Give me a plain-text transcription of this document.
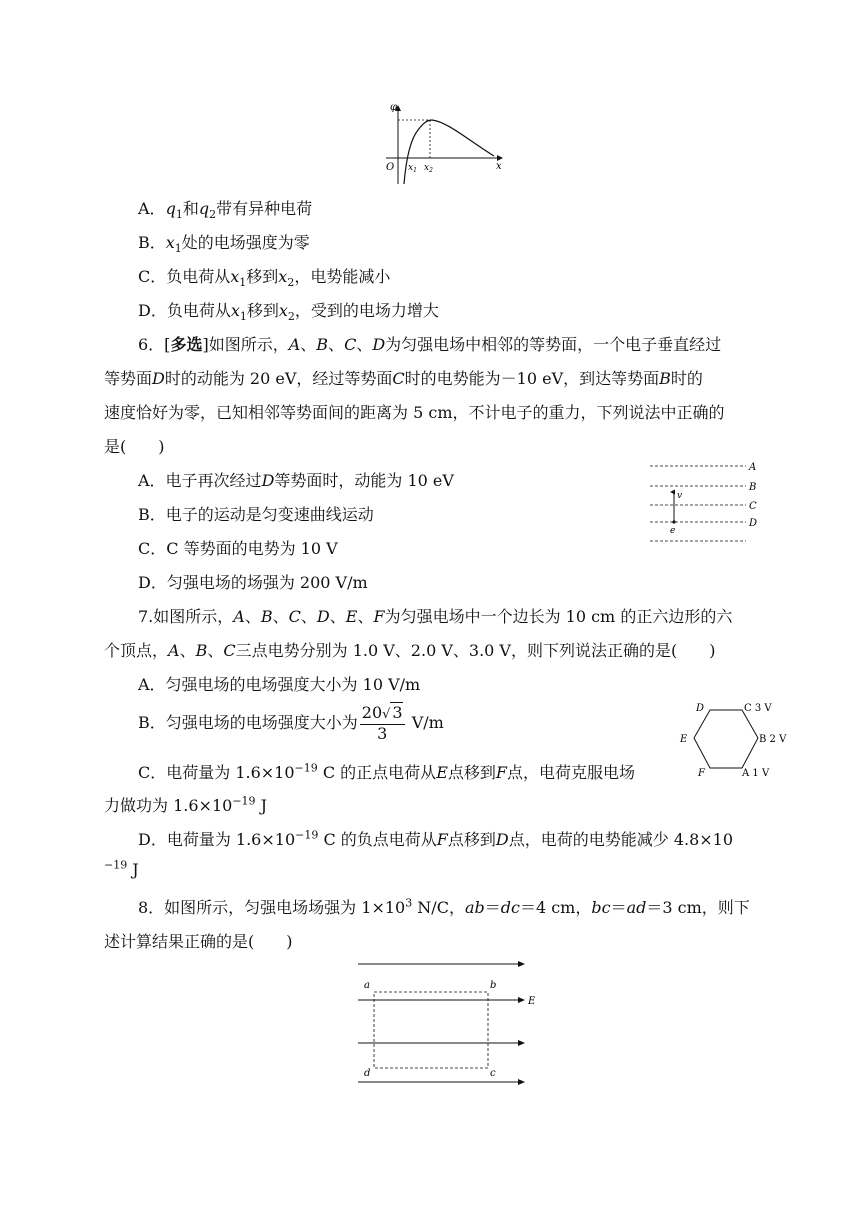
φ
O $x_1$ $x_2$	x
A．$q_1$和$q_2$带有异种电荷
B．$x_1$处的电场强度为零
C．负电荷从$x_1$移到$x_2$，电势能减小
D．负电荷从$x_1$移到$x_2$，受到的电场力增大
6．[多选]如图所示，A、B、C、D为匀强电场中相邻的等势面，一个电子垂直经过
等势面D时的动能为 20 eV，经过等势面C时的电势能为－10 eV，到达等势面B时的
速度恰好为零，已知相邻等势面间的距离为 5 cm，不计电子的重力，下列说法中正确的
是(　　)
A．电子再次经过D等势面时，动能为 10 eV
B．电子的运动是匀变速曲线运动
C．C 等势面的电势为 10 V
D．匀强电场的场强为 200 V/m
A
B
C
D
v
e
7.如图所示，A、B、C、D、E、F为匀强电场中一个边长为 10 cm 的正六边形的六
个顶点，A、B、C三点电势分别为 1.0 V、2.0 V、3.0 V，则下列说法正确的是(　　)
A．匀强电场的电场强度大小为 10 V/m
B．匀强电场的电场强度大小为 $\frac{20√ 3}{3} V/m$
C．电荷量为 $1.6\times 10^{-19}$ C 的正点电荷从E点移到F点，电荷克服电场
力做功为 $1.6\times 10^{-19}$ J
D．电荷量为 $1.6\times 10^{-19}$ C 的负点电荷从F点移到D点，电荷的电势能减少 4.8×10
$^{-19}$ J
D	C 3 V
E	B 2 V
F	A 1 V
8．如图所示，匀强电场场强为 $1\times 10^3$ N/C，ab＝dc＝4 cm，bc＝ad＝3 cm，则下
述计算结果正确的是(　　)
a	b
c
d
E
